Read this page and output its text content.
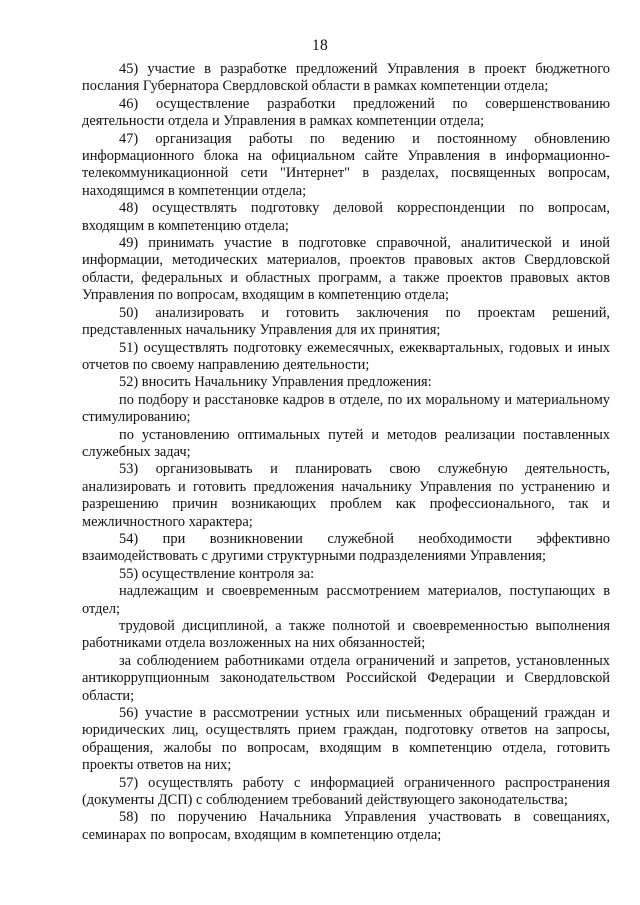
18

45) участие в разработке предложений Управления в проект бюджетного послания Губернатора Свердловской области в рамках компетенции отдела;

46) осуществление разработки предложений по совершенствованию деятельности отдела и Управления в рамках компетенции отдела;

47) организация работы по ведению и постоянному обновлению информационного блока на официальном сайте Управления в информационно-телекоммуникационной сети "Интернет" в разделах, посвященных вопросам, находящимся в компетенции отдела;

48) осуществлять подготовку деловой корреспонденции по вопросам, входящим в компетенцию отдела;

49) принимать участие в подготовке справочной, аналитической и иной информации, методических материалов, проектов правовых актов Свердловской области, федеральных и областных программ, а также проектов правовых актов Управления по вопросам, входящим в компетенцию отдела;

50) анализировать и готовить заключения по проектам решений, представленных начальнику Управления для их принятия;

51) осуществлять подготовку ежемесячных, ежеквартальных, годовых и иных отчетов по своему направлению деятельности;

52) вносить Начальнику Управления предложения:

по подбору и расстановке кадров в отделе, по их моральному и материальному стимулированию;

по установлению оптимальных путей и методов реализации поставленных служебных задач;

53) организовывать и планировать свою служебную деятельность, анализировать и готовить предложения начальнику Управления по устранению и разрешению причин возникающих проблем как профессионального, так и межличностного характера;

54) при возникновении служебной необходимости эффективно взаимодействовать с другими структурными подразделениями Управления;

55) осуществление контроля за:

надлежащим и своевременным рассмотрением материалов, поступающих в отдел;

трудовой дисциплиной, а также полнотой и своевременностью выполнения работниками отдела возложенных на них обязанностей;

за соблюдением работниками отдела ограничений и запретов, установленных антикоррупционным законодательством Российской Федерации и Свердловской области;

56) участие в рассмотрении устных или письменных обращений граждан и юридических лиц, осуществлять прием граждан, подготовку ответов на запросы, обращения, жалобы по вопросам, входящим в компетенцию отдела, готовить проекты ответов на них;

57) осуществлять работу с информацией ограниченного распространения (документы ДСП) с соблюдением требований действующего законодательства;

58) по поручению Начальника Управления участвовать в совещаниях, семинарах по вопросам, входящим в компетенцию отдела;
